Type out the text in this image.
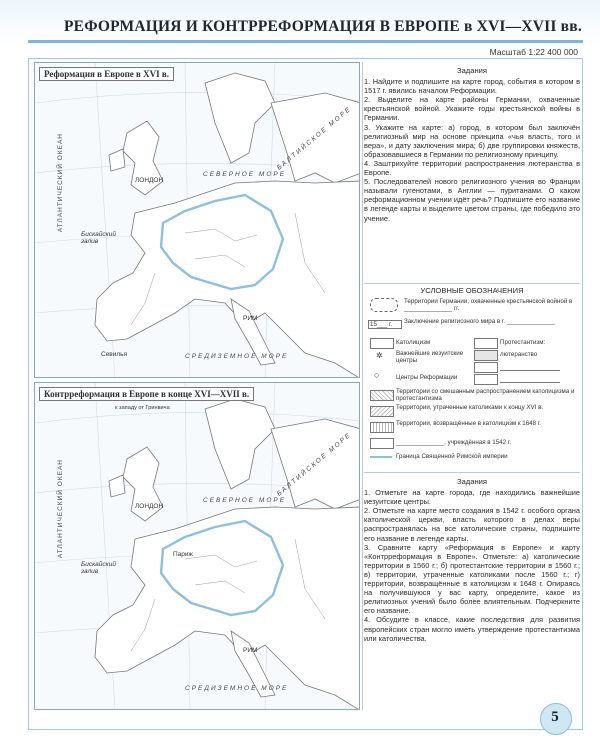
РЕФОРМАЦИЯ И КОНТРРЕФОРМАЦИЯ В ЕВРОПЕ в XVI—XVII вв.
Масштаб 1:22 400 000
Реформация в Европе в XVI в.
СЕВЕРНОЕ МОРЕ
БАЛТИЙСКОЕ МОРЕ
АТЛАНТИЧЕСКИЙ ОКЕАН
Бискайский залив
СРЕДИЗЕМНОЕ МОРЕ
ЛОНДОН
РИМ
Севилья
Контрреформация в Европе в конце XVI—XVII в.
к западу от Гринвича
СЕВЕРНОЕ МОРЕ
БАЛТИЙСКОЕ МОРЕ
АТЛАНТИЧЕСКИЙ ОКЕАН
Бискайский залив
СРЕДИЗЕМНОЕ МОРЕ
ЛОНДОН
Париж
РИМ
Задания

1. Найдите и подпишите на карте город, события в котором в 1517 г. явились началом Реформации.

2. Выделите на карте районы Германии, охваченные крестьянской войной. Укажите годы крестьянской войны в Германии.

3. Укажите на карте: а) город, в котором был заключён религиозный мир на основе принципа «чья власть, того и вера», и дату заключения мира; б) две группировки княжеств, образовавшиеся в Германии по религиозному принципу.

4. Заштрихуйте территории распространения лютеранства в Европе.

5. Последователей нового религиозного учения во Франции называли гугенотами, в Англии — пуританами. О каком реформационном учении идёт речь? Подпишите его название в легенде карты и выделите цветом страны, где победило это учение.

УСЛОВНЫЕ ОБОЗНАЧЕНИЯ
Территории Германии, охваченные крестьянской войной в ______________ гг.
15___ г.	Заключение религиозного мира в г. ______________
Католицизм	Протестантизм:
✲ Важнейшие иезуитские центры
лютеранство
○	Центры Реформации
Территории со смешанным распространением католицизма и протестантизма
Территории, утраченные католиками к концу XVI в.
Территории, возвращённые в католицизм к 1648 г.
______________, учреждённая в 1542 г.
Граница Священной Римской империи
Задания

1. Отметьте на карте города, где находились важнейшие иезуитские центры.

2. Отметьте на карте место создания в 1542 г. особого органа католической церкви, власть которого в делах веры распространялась на все католические страны, подпишите его название в легенде карты.

3. Сравните карту «Реформация в Европе» и карту «Контрреформация в Европе». Отметьте: а) католические территории в 1560 г.; б) протестантские территории в 1560 г.; в) территории, утраченные католиками после 1560 г.; г) территории, возвращённые в католицизм к 1648 г. Опираясь на получившуюся у вас карту, определите, какое из религиозных учений было более влиятельным. Подчеркните его название.

4. Обсудите в классе, какие последствия для развития европейских стран могло иметь утверждение протестантизма или католичества.

5
